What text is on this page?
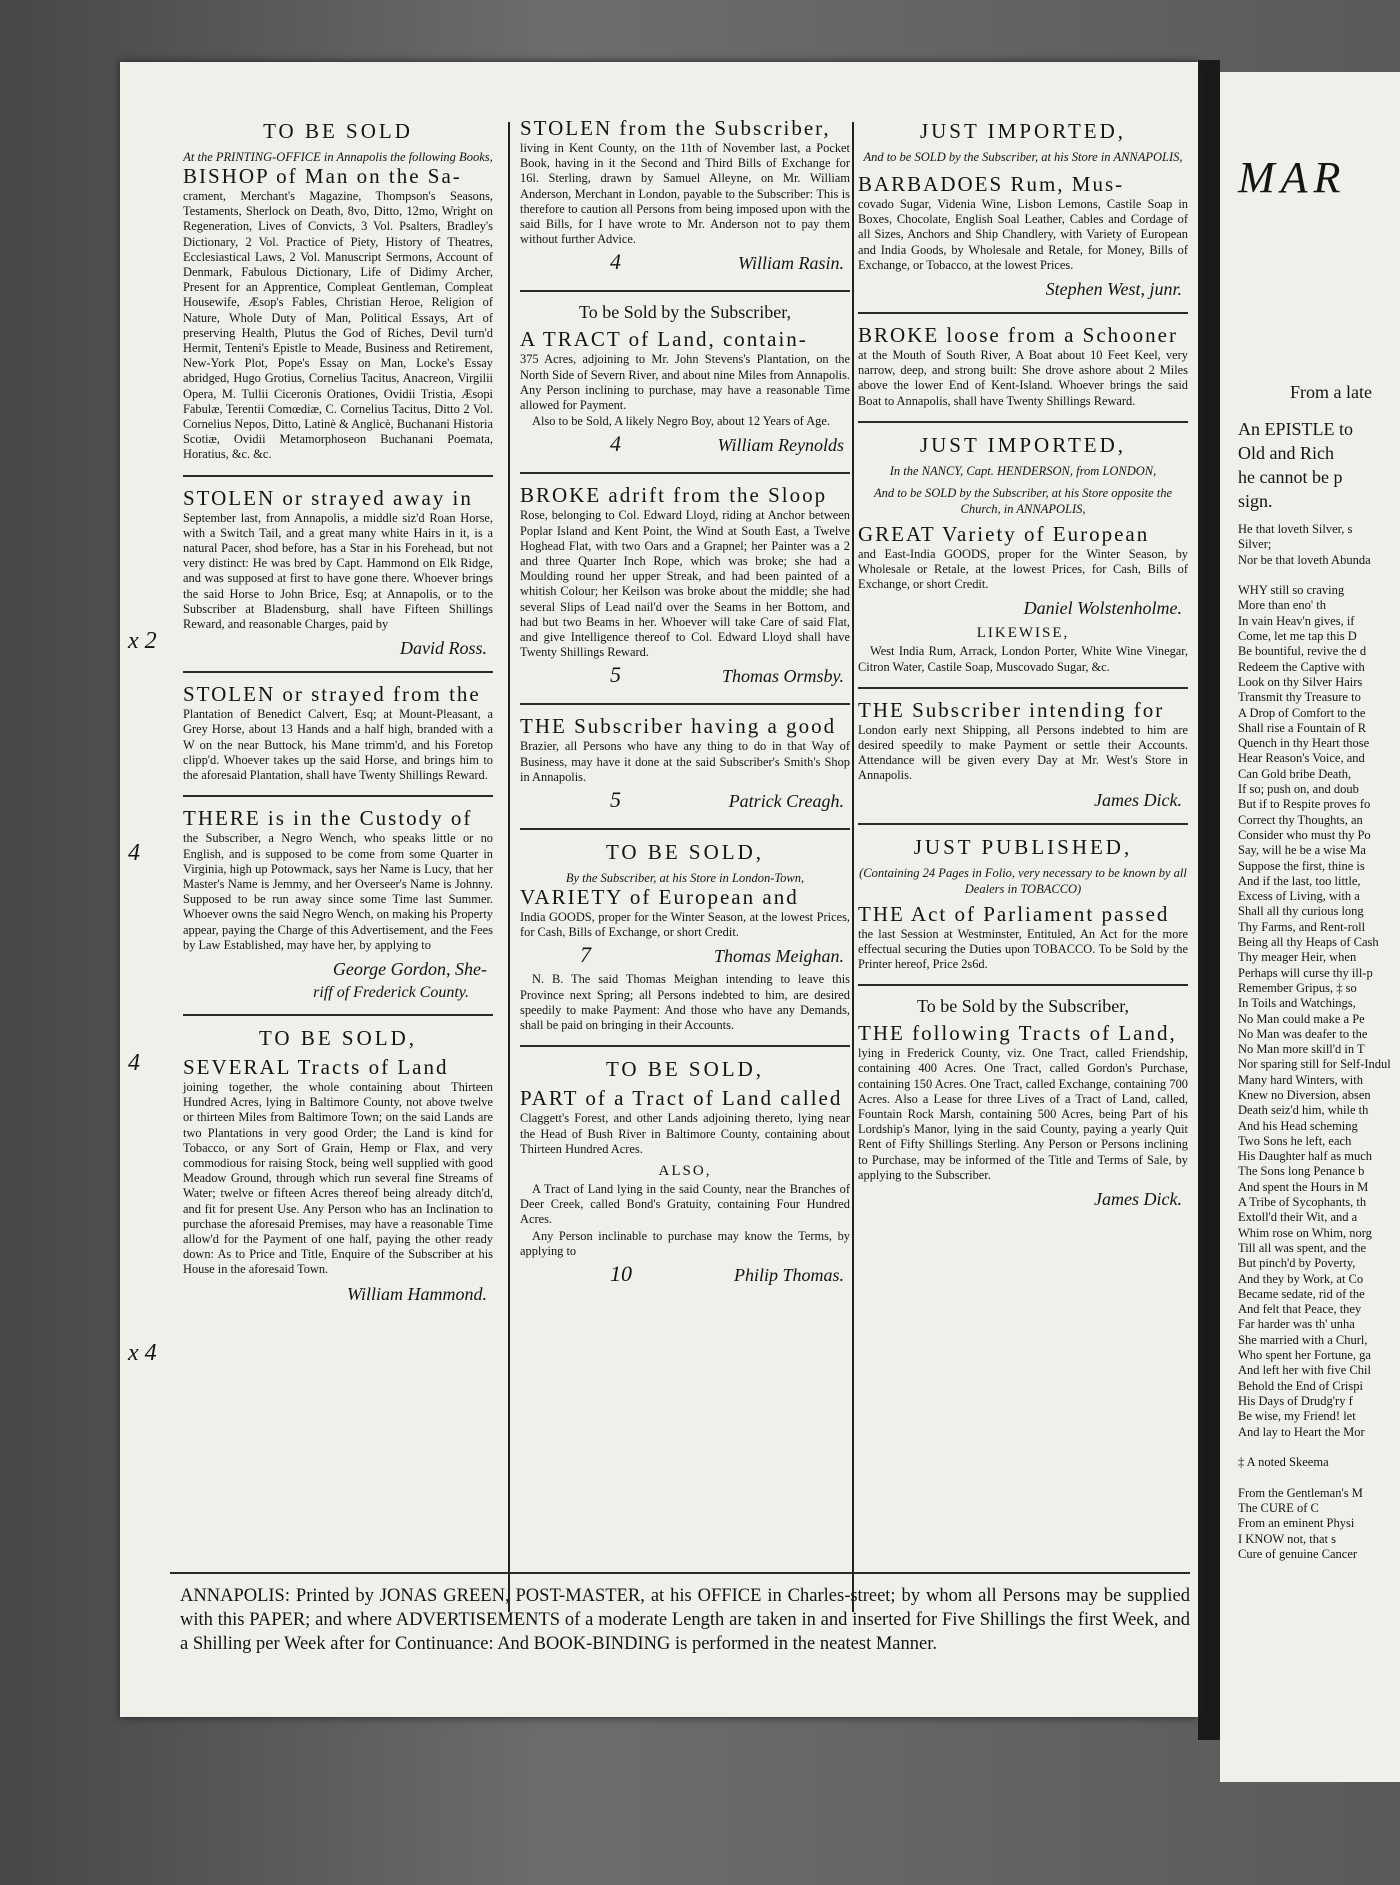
TO BE SOLD
At the PRINTING-OFFICE in Annapolis the following Books,
BISHOP of Man on the Sa-
crament, Merchant's Magazine, Thompson's Seasons, Testaments, Sherlock on Death, 8vo, Ditto, 12mo, Wright on Regeneration, Lives of Convicts, 3 Vol. Psalters, Bradley's Dictionary, 2 Vol. Practice of Piety, History of Theatres, Ecclesiastical Laws, 2 Vol. Manuscript Sermons, Account of Denmark, Fabulous Dictionary, Life of Didimy Archer, Present for an Apprentice, Compleat Gentleman, Compleat Housewife, Æsop's Fables, Christian Heroe, Religion of Nature, Whole Duty of Man, Political Essays, Art of preserving Health, Plutus the God of Riches, Devil turn'd Hermit, Tenteni's Epistle to Meade, Business and Retirement, New-York Plot, Pope's Essay on Man, Locke's Essay abridged, Hugo Grotius, Cornelius Tacitus, Anacreon, Virgilii Opera, M. Tullii Ciceronis Orationes, Ovidii Tristia, Æsopi Fabulæ, Terentii Comœdiæ, C. Cornelius Tacitus, Ditto 2 Vol. Cornelius Nepos, Ditto, Latinè & Anglicè, Buchanani Historia Scotiæ, Ovidii Metamorphoseon Buchanani Poemata, Horatius, &c. &c.
STOLEN or strayed away in
September last, from Annapolis, a middle siz'd Roan Horse, with a Switch Tail, and a great many white Hairs in it, is a natural Pacer, shod before, has a Star in his Forehead, but not very distinct: He was bred by Capt. Hammond on Elk Ridge, and was supposed at first to have gone there. Whoever brings the said Horse to John Brice, Esq; at Annapolis, or to the Subscriber at Bladensburg, shall have Fifteen Shillings Reward, and reasonable Charges, paid by
David Ross.
STOLEN or strayed from the
Plantation of Benedict Calvert, Esq; at Mount-Pleasant, a Grey Horse, about 13 Hands and a half high, branded with a W on the near Buttock, his Mane trimm'd, and his Foretop clipp'd. Whoever takes up the said Horse, and brings him to the aforesaid Plantation, shall have Twenty Shillings Reward.
THERE is in the Custody of
the Subscriber, a Negro Wench, who speaks little or no English, and is supposed to be come from some Quarter in Virginia, high up Potowmack, says her Name is Lucy, that her Master's Name is Jemmy, and her Overseer's Name is Johnny. Supposed to be run away since some Time last Summer. Whoever owns the said Negro Wench, on making his Property appear, paying the Charge of this Advertisement, and the Fees by Law Established, may have her, by applying to
George Gordon, She-
riff of Frederick County.
TO BE SOLD,
SEVERAL Tracts of Land
joining together, the whole containing about Thirteen Hundred Acres, lying in Baltimore County, not above twelve or thirteen Miles from Baltimore Town; on the said Lands are two Plantations in very good Order; the Land is kind for Tobacco, or any Sort of Grain, Hemp or Flax, and very commodious for raising Stock, being well supplied with good Meadow Ground, through which run several fine Streams of Water; twelve or fifteen Acres thereof being already ditch'd, and fit for present Use. Any Person who has an Inclination to purchase the aforesaid Premises, may have a reasonable Time allow'd for the Payment of one half, paying the other ready down: As to Price and Title, Enquire of the Subscriber at his House in the aforesaid Town.
William Hammond.
STOLEN from the Subscriber,
living in Kent County, on the 11th of November last, a Pocket Book, having in it the Second and Third Bills of Exchange for 16l. Sterling, drawn by Samuel Alleyne, on Mr. William Anderson, Merchant in London, payable to the Subscriber: This is therefore to caution all Persons from being imposed upon with the said Bills, for I have wrote to Mr. Anderson not to pay them without further Advice.
4	William Rasin.
To be Sold by the Subscriber,
A TRACT of Land, contain-
375 Acres, adjoining to Mr. John Stevens's Plantation, on the North Side of Severn River, and about nine Miles from Annapolis. Any Person inclining to purchase, may have a reasonable Time allowed for Payment.
Also to be Sold, A likely Negro Boy, about 12 Years of Age.
4	William Reynolds
BROKE adrift from the Sloop
Rose, belonging to Col. Edward Lloyd, riding at Anchor between Poplar Island and Kent Point, the Wind at South East, a Twelve Hoghead Flat, with two Oars and a Grapnel; her Painter was a 2 and three Quarter Inch Rope, which was broke; she had a Moulding round her upper Streak, and had been painted of a whitish Colour; her Keilson was broke about the middle; she had several Slips of Lead nail'd over the Seams in her Bottom, and had but two Beams in her. Whoever will take Care of said Flat, and give Intelligence thereof to Col. Edward Lloyd shall have Twenty Shillings Reward.
5	Thomas Ormsby.
THE Subscriber having a good
Brazier, all Persons who have any thing to do in that Way of Business, may have it done at the said Subscriber's Smith's Shop in Annapolis.
5	Patrick Creagh.
TO BE SOLD,
By the Subscriber, at his Store in London-Town,
VARIETY of European and
India GOODS, proper for the Winter Season, at the lowest Prices, for Cash, Bills of Exchange, or short Credit.
7	Thomas Meighan.
N. B. The said Thomas Meighan intending to leave this Province next Spring; all Persons indebted to him, are desired speedily to make Payment: And those who have any Demands, shall be paid on bringing in their Accounts.
TO BE SOLD,
PART of a Tract of Land called
Claggett's Forest, and other Lands adjoining thereto, lying near the Head of Bush River in Baltimore County, containing about Thirteen Hundred Acres.
ALSO,
A Tract of Land lying in the said County, near the Branches of Deer Creek, called Bond's Gratuity, containing Four Hundred Acres.
Any Person inclinable to purchase may know the Terms, by applying to
10	Philip Thomas.
JUST IMPORTED,
And to be SOLD by the Subscriber, at his Store in ANNAPOLIS,
BARBADOES Rum, Mus-
covado Sugar, Videnia Wine, Lisbon Lemons, Castile Soap in Boxes, Chocolate, English Soal Leather, Cables and Cordage of all Sizes, Anchors and Ship Chandlery, with Variety of European and India Goods, by Wholesale and Retale, for Money, Bills of Exchange, or Tobacco, at the lowest Prices.
Stephen West, junr.
BROKE loose from a Schooner
at the Mouth of South River, A Boat about 10 Feet Keel, very narrow, deep, and strong built: She drove ashore about 2 Miles above the lower End of Kent-Island. Whoever brings the said Boat to Annapolis, shall have Twenty Shillings Reward.
JUST IMPORTED,
In the NANCY, Capt. HENDERSON, from LONDON,
And to be SOLD by the Subscriber, at his Store opposite the Church, in ANNAPOLIS,
GREAT Variety of European
and East-India GOODS, proper for the Winter Season, by Wholesale or Retale, at the lowest Prices, for Cash, Bills of Exchange, or short Credit.
Daniel Wolstenholme.
LIKEWISE,
West India Rum, Arrack, London Porter, White Wine Vinegar, Citron Water, Castile Soap, Muscovado Sugar, &c.
THE Subscriber intending for
London early next Shipping, all Persons indebted to him are desired speedily to make Payment or settle their Accounts. Attendance will be given every Day at Mr. West's Store in Annapolis.
James Dick.
JUST PUBLISHED,
(Containing 24 Pages in Folio, very necessary to be known by all Dealers in TOBACCO)
THE Act of Parliament passed
the last Session at Westminster, Entituled, An Act for the more effectual securing the Duties upon TOBACCO. To be Sold by the Printer hereof, Price 2s6d.
To be Sold by the Subscriber,
THE following Tracts of Land,
lying in Frederick County, viz. One Tract, called Friendship, containing 400 Acres. One Tract, called Gordon's Purchase, containing 150 Acres. One Tract, called Exchange, containing 700 Acres. Also a Lease for three Lives of a Tract of Land, called, Fountain Rock Marsh, containing 500 Acres, being Part of his Lordship's Manor, lying in the said County, paying a yearly Quit Rent of Fifty Shillings Sterling. Any Person or Persons inclining to Purchase, may be informed of the Title and Terms of Sale, by applying to the Subscriber.
James Dick.
ANNAPOLIS: Printed by JONAS GREEN, POST-MASTER, at his OFFICE in Charles-street; by whom all Persons may be supplied with this PAPER; and where ADVERTISEMENTS of a moderate Length are taken in and inserted for Five Shillings the first Week, and a Shilling per Week after for Continuance: And BOOK-BINDING is performed in the neatest Manner.
x 2
4
4
x 4
MAR
From a late
An EPISTLE to
Old and Rich
he cannot be p
sign.
He that loveth Silver, s
Silver;
Nor be that loveth Abunda

WHY still so craving
More than eno' th
In vain Heav'n gives, if
Come, let me tap this D
Be bountiful, revive the d
Redeem the Captive with
Look on thy Silver Hairs
Transmit thy Treasure to
A Drop of Comfort to the
Shall rise a Fountain of R
Quench in thy Heart those
Hear Reason's Voice, and
Can Gold bribe Death,
If so; push on, and doub
But if to Respite proves fo
Correct thy Thoughts, an
Consider who must thy Po
Say, will he be a wise Ma
Suppose the first, thine is
And if the last, too little,
Excess of Living, with a
Shall all thy curious long
Thy Farms, and Rent-roll
Being all thy Heaps of Cash
Thy meager Heir, when
Perhaps will curse thy ill-p
Remember Gripus, ‡ so
In Toils and Watchings,
No Man could make a Pe
No Man was deafer to the
No Man more skill'd in T
Nor sparing still for Self-Indul
Many hard Winters, with
Knew no Diversion, absen
Death seiz'd him, while th
And his Head scheming
Two Sons he left, each
His Daughter half as much
The Sons long Penance b
And spent the Hours in M
A Tribe of Sycophants, th
Extoll'd their Wit, and a
Whim rose on Whim, norg
Till all was spent, and the
But pinch'd by Poverty,
And they by Work, at Co
Became sedate, rid of the
And felt that Peace, they
Far harder was th' unha
She married with a Churl,
Who spent her Fortune, ga
And left her with five Chil
Behold the End of Crispi
His Days of Drudg'ry f
Be wise, my Friend! let
And lay to Heart the Mor

‡ A noted Skeema

From the Gentleman's M
The CURE of C
From an eminent Physi
I KNOW not, that s
Cure of genuine Cancer
